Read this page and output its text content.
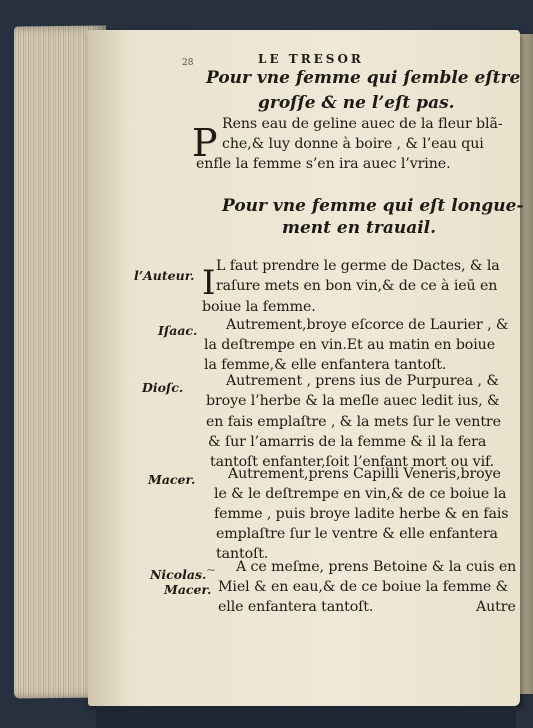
28	LE TRESOR
Pour vne femme qui ſemble eſtre
groſſe & ne l’eſt pas.
P Rens eau de geline auec de la fleur blã-
che,& luy donne à boire , & l’eau qui
enfle la femme s’en ira auec l’vrine.
Pour vne femme qui eſt longue-
ment en trauail.
l’Auteur. I L faut prendre le germe de Dactes, & la
raſure mets en bon vin,& de ce à ieū en
boiue la femme.
Iſaac. Autrement,broye eſcorce de Laurier , &
la deſtrempe en vin.Et au matin en boiue
la femme,& elle enfantera tantoſt.
Dioſc.	Autrement , prens ius de Purpurea , &
broye l’herbe & la meſle auec ledit ius, &
en fais emplaſtre , & la mets ſur le ventre
& ſur l’amarris de la femme & il la fera
tantoſt enfanter,ſoit l’enfant mort ou vif.
Macer. Autrement,prens Capilli Veneris,broye
le & le deſtrempe en vin,& de ce boiue la
femme , puis broye ladite herbe & en fais
emplaſtre ſur le ventre & elle enfantera
tantoſt.
Nicolas.
Macer.
~ A ce meſme, prens Betoine & la cuis en
Miel & en eau,& de ce boiue la femme &
elle enfantera tantoſt.	Autre
